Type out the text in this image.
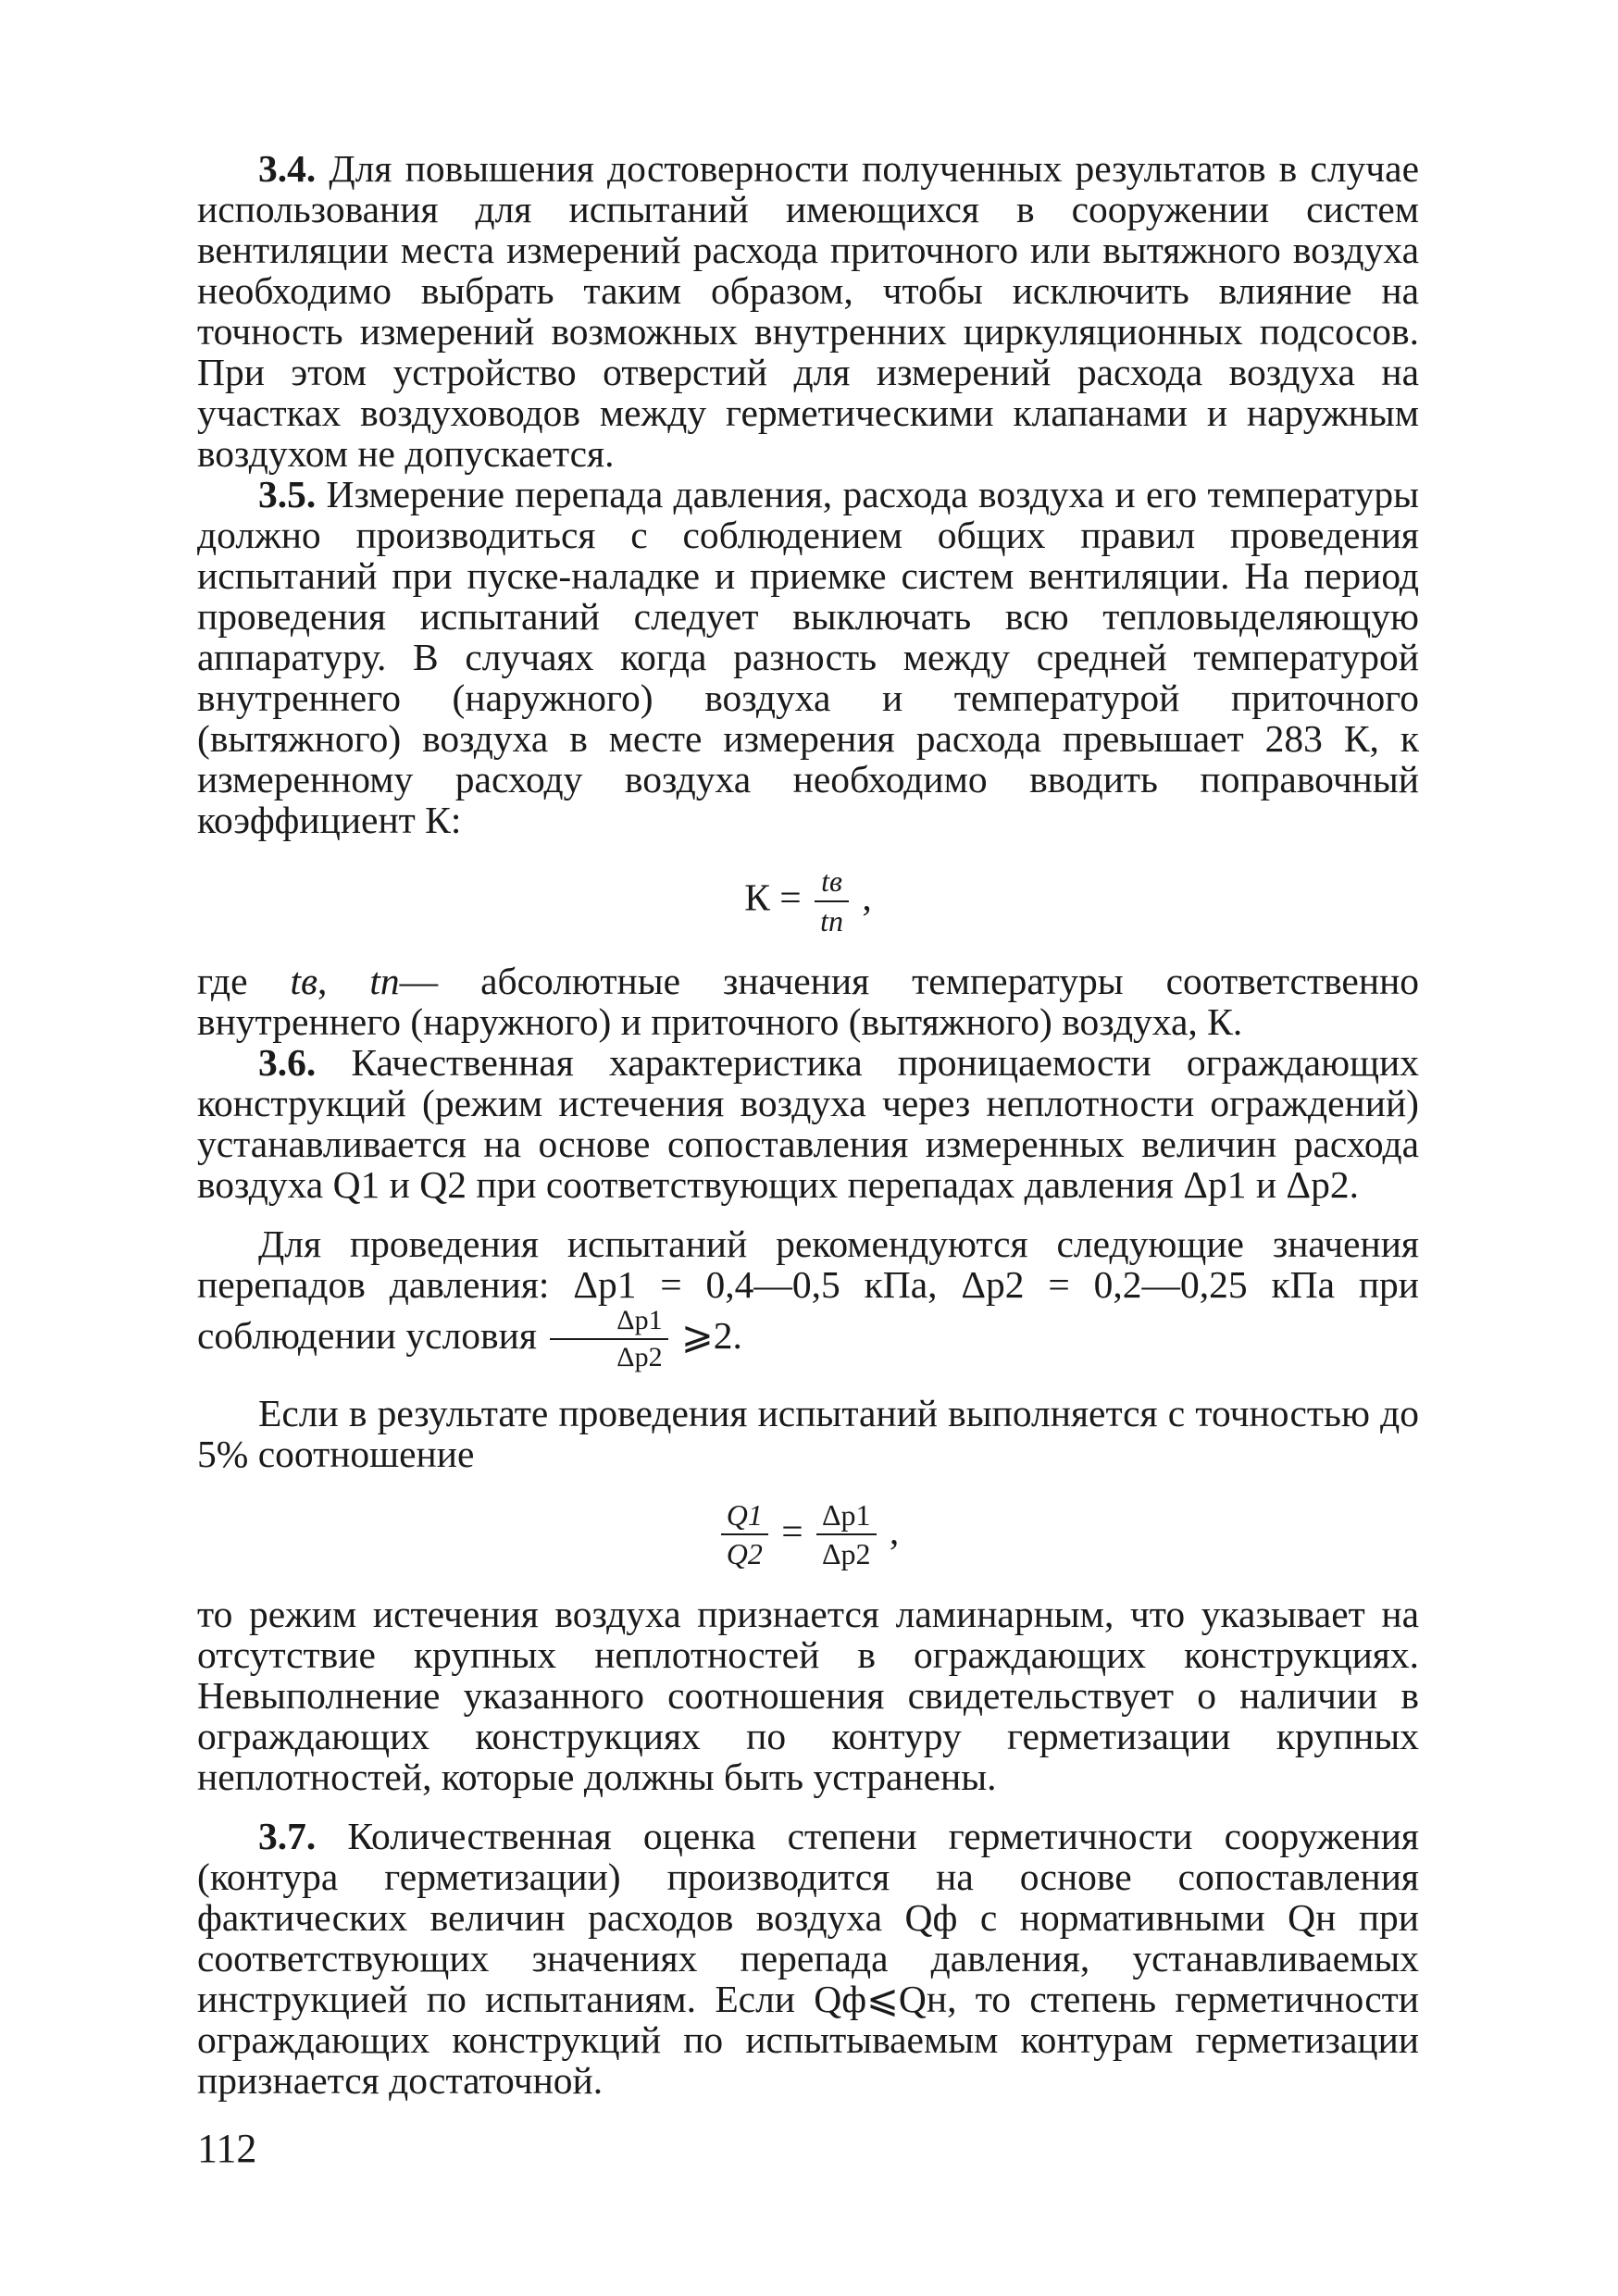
3.4. Для повышения достоверности полученных результатов в случае использования для испытаний имеющихся в сооружении систем вентиляции места измерений расхода приточного или вытяжного воздуха необходимо выбрать таким образом, чтобы исключить влияние на точность измерений возможных внутренних циркуляционных подсосов. При этом устройство отверстий для измерений расхода воздуха на участках воздуховодов между герметическими клапанами и наружным воздухом не допускается.

3.5. Измерение перепада давления, расхода воздуха и его температуры должно производиться с соблюдением общих правил проведения испытаний при пуске-наладке и приемке систем вентиляции. На период проведения испытаний следует выключать всю тепловыделяющую аппаратуру. В случаях когда разность между средней температурой внутреннего (наружного) воздуха и температурой приточного (вытяжного) воздуха в месте измерения расхода превышает 283 К, к измеренному расходу воздуха необходимо вводить поправочный коэффициент К:

$К = \frac{tв}{tп}$ ,

где tв, tп— абсолютные значения температуры соответственно внутреннего (наружного) и приточного (вытяжного) воздуха, К.

3.6. Качественная характеристика проницаемости ограждающих конструкций (режим истечения воздуха через неплотности ограждений) устанавливается на основе сопоставления измеренных величин расхода воздуха Q1 и Q2 при соответствующих перепадах давления Δp1 и Δp2.

Для проведения испытаний рекомендуются следующие значения перепадов давления: Δp1 = 0,4—0,5 кПа, Δp2 = 0,2—0,25 кПа при соблюдении условия $\frac{\Delta p1}{\Delta p2}$ ⩾2.

Если в результате проведения испытаний выполняется с точностью до 5% соотношение

$\frac{Q1}{Q2} = \frac{\Delta p1}{\Delta p2}$ ,

то режим истечения воздуха признается ламинарным, что указывает на отсутствие крупных неплотностей в ограждающих конструкциях. Невыполнение указанного соотношения свидетельствует о наличии в ограждающих конструкциях по контуру герметизации крупных неплотностей, которые должны быть устранены.

3.7. Количественная оценка степени герметичности сооружения (контура герметизации) производится на основе сопоставления фактических величин расходов воздуха Qф с нормативными Qн при соответствующих значениях перепада давления, устанавливаемых инструкцией по испытаниям. Если Qф⩽Qн, то степень герметичности ограждающих конструкций по испытываемым контурам герметизации признается достаточной.

112
